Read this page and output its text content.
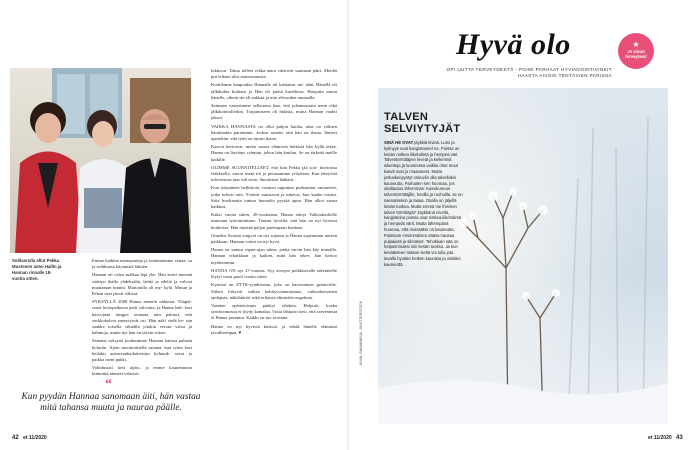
Sotilasrulla ollut Pekka Mustonen antoi Hallin ja Hannan rinnalle 18-vuotta sitten.

Emme kaikkia menoparteja ja toimintamme venaa- sa ja suihkuusa käynnistä lähtien.

Hannan oli valoa malkaa läpi yhe. Hän asetti merenä särkiyn ihalla yhdeksältä, hetää ja edeltä ja valvoa muutaman tunnin. Muttonilla oli my- kylä. Minun ja Pekan uzet järvät välissä.

SYKSYLLÄ 2008 Hanna menetti näkönsä. Tilapäi- sessä hoitopaikassa petti valvonta, ja Hanna hak- kasi kasvojaan sängyn reunaan niin pahasti, että verkkokalvot repeytyivät irti. Hän näki vielä ke- sän saakka toisella silmällä jotakin verran valoa ja hahmoja, mutta nyt hän on täysin sokea.

Samana syksynä joudutimme Hannan kanssa pahaan kolariin. Ajoin moottoritiellä satanta, kun tytön kasi heilahti autonvanhailaitteisiin kohtauk- sessa ja paikka meni pakki.

Valtidustati tiesi täjäsi, ja emme kauneimmat kiinnittiä tänneet vahvisti.

lukkoon. Takaa tulleet rekka-autot väistivät saatuaan päiti. Meidät piti leikata ulos autonromusta.

Kotitilanne kaupunkia Hannalle oli kahtaisar mi- tään. Hänellä oli jälkikohta kohtaus ja Hän oli pääsä kurtelinsa. Huojutin sanon hänelle, oikein sin eli aukkaa ja niin alivuoden raunaalla.

Saimaan vastasimme sellaisena kun, että juhannusaisa meni eikä jälkikontrolleihin. Toipumiseen oli hidasta, mutta Hannan vauhti jaksoi.

VAIKKA HANNASTA on ollut paljon huolta, aina on välinen hauskaakin paremmin. Joskus sanoin, että hän on ihana. Ihmeet ajatteltiin, että tyttö on täysin ihana.

Kasvot kertoivat, miten suuria elämisen hetkistä hän kyllä tekee. Hanna on löytänyt ryhmän, johon hän kuuluu. Se on tärkeää meille kaikille.

OLIMME SUUNNITELLEET, että kun Pekka jää soti- lasvirasta eläkkeelle, sanon itseni irti ja perustamme yrityksen. Kun tehtyöitä tulevaisuus taas tuli esiin, ilmoittivat lääkärit.

Kun työpaineet hellittivät, vasnien uupumus purkaantui sairauteen, jotka tulivat niin. Ystävät muistavat ja tukevat, kun kauhu toistui. Siitä huolimatta tuntuu huonolta pyytää apua. Hän alkoi sanoa kaikkea.

Kaksi vuotta sitten, 26-vuotiaana, Hanna siirtyi Valkeakoskelle asumaan työtoimintaan. Tuntuu hyvältä, että hän on nyt hyvissä hoidoissa. Hän näyttää paljon parempaan kotiinsa.

Onneksi Sotasta ympyrä on nyt sujunut ja Hanna sopeutunut uuteen paikkaan. Hannan vointi on nyt hyvä.

Hanna on saanut vapaa-ajan tukea, jonka turvin hän käy muualla. Hannan teknikkaat ja kaiken, mitä hän tekee, hän kertoo myöhemmin.

HANNA ON nyt 27-vuotias. Syy aivojen poikkeavalle rakenteelle löytyi vasta puoli vuotta sitten.

Kysessä on ZTTK-syndrooma, joka on harvinainen geenivirhe. Siihen liittyvät vaikea kehitysvammaisuus, vaikeahoitoinen epilepsia, näköhäiriöt sekä erilaisia elimistön ongelmia.

Vasnien epätietoisuus päättyi vihdoin. Helpotti, koska syndroomassa ei löydy kamalaa. Vasta lähipiiri tiesi, että sarvemmat ei Hanna joutunut. Kaikki on nyt avoinna.

Hanna on nyt hyvissä käsissä, ja tehdä hänelle elämästä tavallisempaa. ♥

“
Kun pyydän Hannaa sanomaan äiti, hän vastaa mitä tahansa muuta ja nauraa päälle.
42 et 11/2020
Hyvä olo	★
Ja sinun terveytesi!
OPI UUTTA TERVEYDESTÄ · POIMI PARHAAT HYVINVOINTIVINKIT · HAASTA AIVOSI TENTÄVIEN PARISSA
TALVEN SELVIYTYJÄT
SINÄ HE OVAT jäykkiä kivisä. Lumi ja kylmyys ovat kangistaneet ne. Poissa on kesän notkea liikehdintä ja hempeä väri. Talventörröttäjien leveät ja kellerimiä siluetteja jä luonnossa vaikka ohut muut kasvit ovat jo maatuneet. Mutta joskaikenpystyt onkuviin olla talvellakin kauneutta. Parhaiten sen huomaa, jos ukaltautuu lähemmäs. Kasvikunnan talventörröttäjille, hevilla ja ruohoilla, se on saenatsekon ja tasaa. Osalla on jäljellä kesän luokoa. Mutta emmä me ihmisen talven törröttäjiä? Jäykkänä nivellä, kangisteina poissa ovat notkea liikehdintä ja hempeät värit. Mutta lähempänä huomaa, että meissäkin on kauneutta. Poissaon ensimmäisen sääsa nausaa pulpaiasti ja silmäiset. Tehokkain sää on helpoimmaksi niin kesän tuoksu. Ja kun kevätteleen mitaan sieltä voi tulla jota tavalla hyvään hetken kaunista ja vieläkin kauneuttä.
KUVA: RAHAMARJA - SHUTTERSTOCK
et 11/2020 43
